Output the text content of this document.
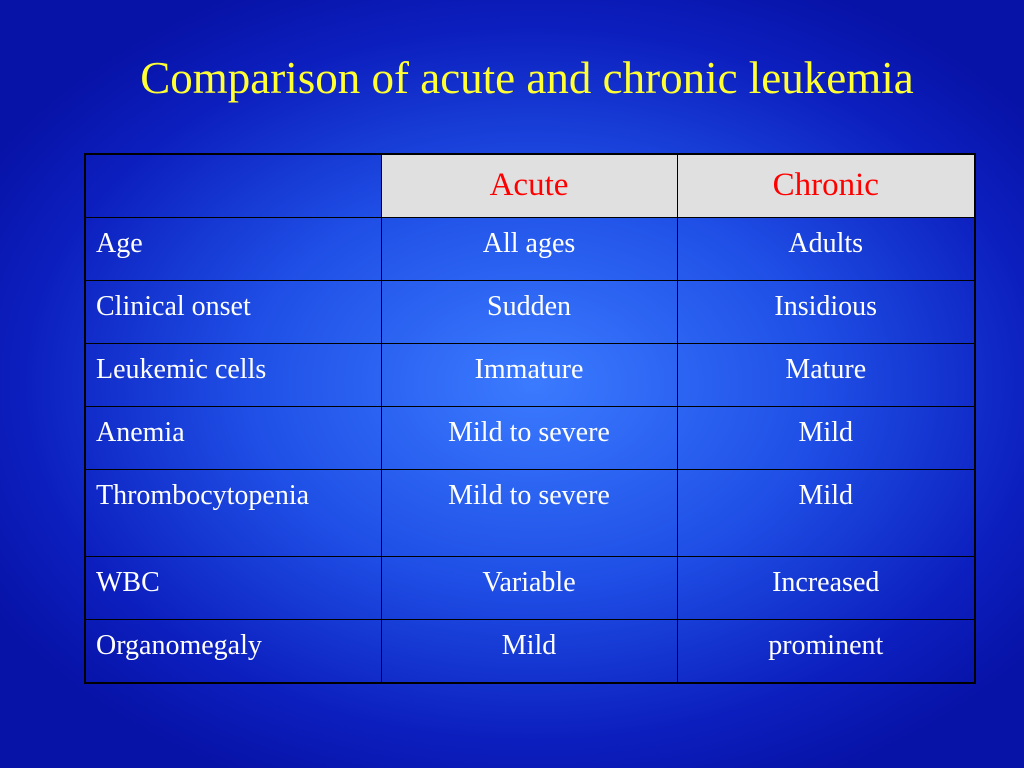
Comparison of acute and chronic leukemia
	Acute	Chronic
Age	All ages	Adults
Clinical onset	Sudden	Insidious
Leukemic cells	Immature	Mature
Anemia	Mild to severe	Mild
Thrombocytopenia	Mild to severe	Mild
WBC	Variable	Increased
Organomegaly	Mild	prominent
